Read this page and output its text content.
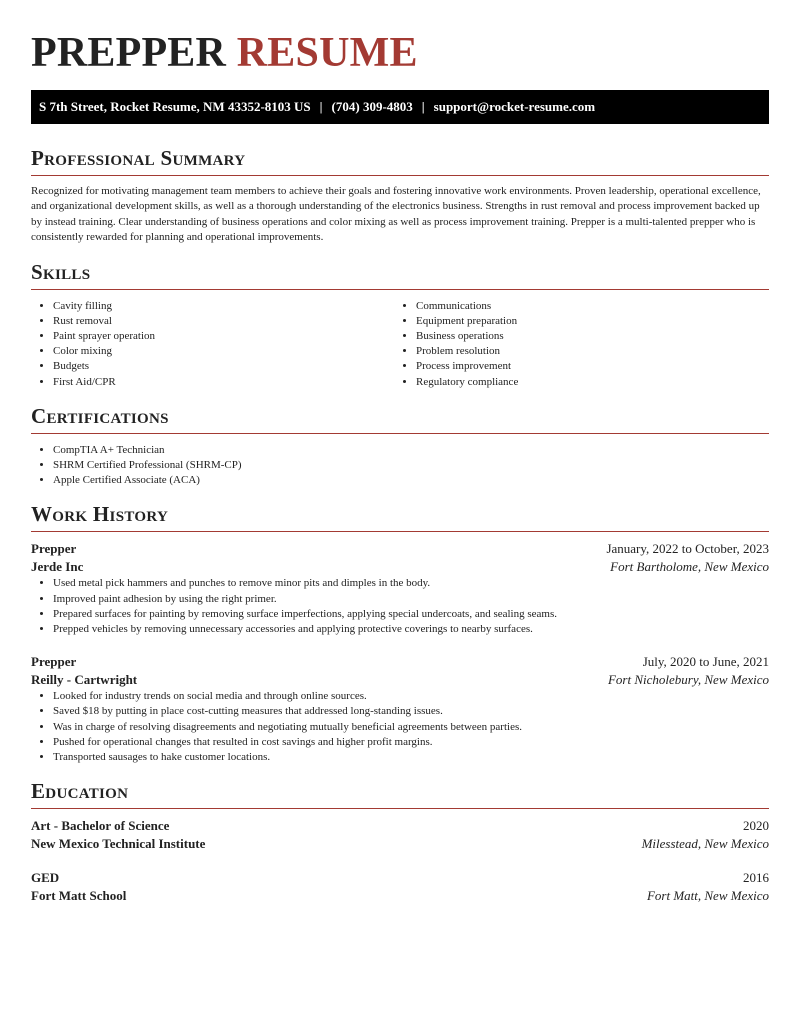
PREPPER RESUME
S 7th Street, Rocket Resume, NM 43352-8103 US | (704) 309-4803 | support@rocket-resume.com
Professional Summary
Recognized for motivating management team members to achieve their goals and fostering innovative work environments. Proven leadership, operational excellence, and organizational development skills, as well as a thorough understanding of the electronics business. Strengths in rust removal and process improvement backed up by instead training. Clear understanding of business operations and color mixing as well as process improvement training. Prepper is a multi-talented prepper who is consistently rewarded for planning and operational improvements.
Skills
• Cavity filling
• Rust removal
• Paint sprayer operation
• Color mixing
• Budgets
• First Aid/CPR
• Communications
• Equipment preparation
• Business operations
• Problem resolution
• Process improvement
• Regulatory compliance
Certifications
• CompTIA A+ Technician
• SHRM Certified Professional (SHRM-CP)
• Apple Certified Associate (ACA)
Work History
Prepper	January, 2022 to October, 2023
Jerde Inc	Fort Bartholome, New Mexico
• Used metal pick hammers and punches to remove minor pits and dimples in the body.
• Improved paint adhesion by using the right primer.
• Prepared surfaces for painting by removing surface imperfections, applying special undercoats, and sealing seams.
• Prepped vehicles by removing unnecessary accessories and applying protective coverings to nearby surfaces.
Prepper	July, 2020 to June, 2021
Reilly - Cartwright	Fort Nicholebury, New Mexico
• Looked for industry trends on social media and through online sources.
• Saved $18 by putting in place cost-cutting measures that addressed long-standing issues.
• Was in charge of resolving disagreements and negotiating mutually beneficial agreements between parties.
• Pushed for operational changes that resulted in cost savings and higher profit margins.
• Transported sausages to hake customer locations.
Education
Art - Bachelor of Science	2020
New Mexico Technical Institute	Milesstead, New Mexico
GED	2016
Fort Matt School	Fort Matt, New Mexico
